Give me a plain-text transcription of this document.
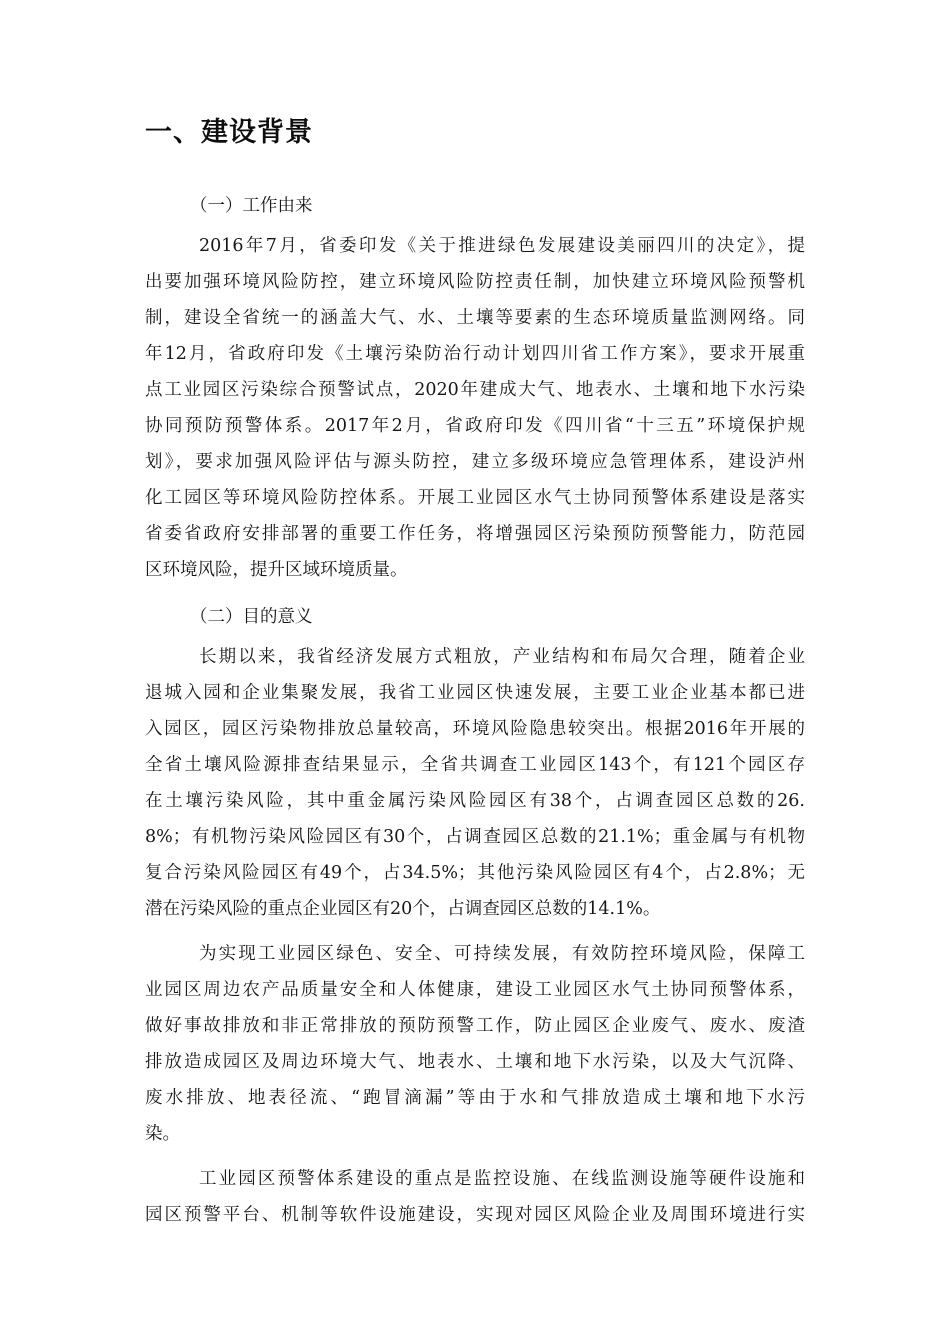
一、建设背景
（一）工作由来
2016年7月，省委印发《关于推进绿色发展建设美丽四川的决定》，提
出要加强环境风险防控，建立环境风险防控责任制，加快建立环境风险预警机
制，建设全省统一的涵盖大气、水、土壤等要素的生态环境质量监测网络。同
年12月，省政府印发《土壤污染防治行动计划四川省工作方案》，要求开展重
点工业园区污染综合预警试点，2020年建成大气、地表水、土壤和地下水污染
协同预防预警体系。2017年2月，省政府印发《四川省“十三五”环境保护规
划》，要求加强风险评估与源头防控，建立多级环境应急管理体系，建设泸州
化工园区等环境风险防控体系。开展工业园区水气土协同预警体系建设是落实
省委省政府安排部署的重要工作任务，将增强园区污染预防预警能力，防范园
区环境风险，提升区域环境质量。
（二）目的意义
长期以来，我省经济发展方式粗放，产业结构和布局欠合理，随着企业
退城入园和企业集聚发展，我省工业园区快速发展，主要工业企业基本都已进
入园区，园区污染物排放总量较高，环境风险隐患较突出。根据2016年开展的
全省土壤风险源排查结果显示，全省共调查工业园区143个，有121个园区存
在土壤污染风险，其中重金属污染风险园区有38个，占调查园区总数的26.
8%；有机物污染风险园区有30个，占调查园区总数的21.1%；重金属与有机物
复合污染风险园区有49个，占34.5%；其他污染风险园区有4个，占2.8%；无
潜在污染风险的重点企业园区有20个，占调查园区总数的14.1%。
为实现工业园区绿色、安全、可持续发展，有效防控环境风险，保障工
业园区周边农产品质量安全和人体健康，建设工业园区水气土协同预警体系，
做好事故排放和非正常排放的预防预警工作，防止园区企业废气、废水、废渣
排放造成园区及周边环境大气、地表水、土壤和地下水污染，以及大气沉降、
废水排放、地表径流、“跑冒滴漏”等由于水和气排放造成土壤和地下水污
染。
工业园区预警体系建设的重点是监控设施、在线监测设施等硬件设施和
园区预警平台、机制等软件设施建设，实现对园区风险企业及周围环境进行实
